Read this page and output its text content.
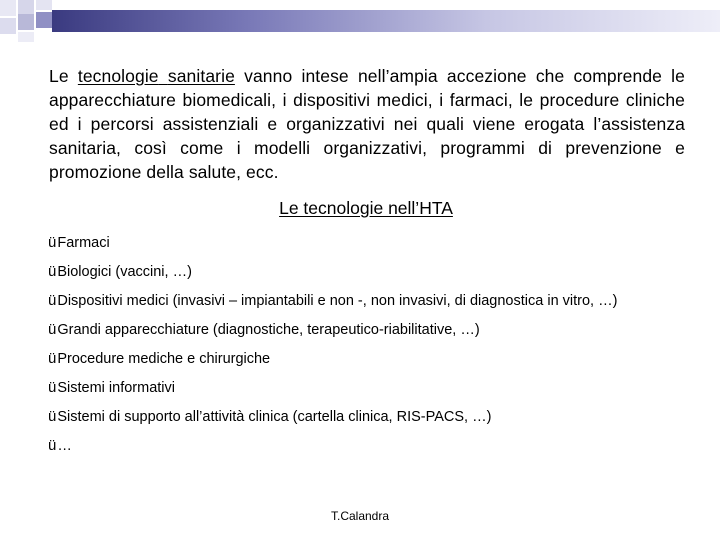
Le tecnologie sanitarie vanno intese nell’ampia accezione che comprende le apparecchiature biomedicali, i dispositivi medici, i farmaci, le procedure cliniche ed i percorsi assistenziali e organizzativi nei quali viene erogata l’assistenza sanitaria, così come i modelli organizzativi, programmi di prevenzione e promozione della salute, ecc.

Le tecnologie nell’HTA
ü Farmaci
ü Biologici (vaccini, …)
ü Dispositivi medici (invasivi – impiantabili e non -, non invasivi, di diagnostica in vitro, …)
ü Grandi apparecchiature (diagnostiche, terapeutico-riabilitative, …)
ü Procedure mediche e chirurgiche
ü Sistemi informativi
ü Sistemi di supporto all’attività clinica (cartella clinica, RIS-PACS, …)
ü …
T.Calandra
